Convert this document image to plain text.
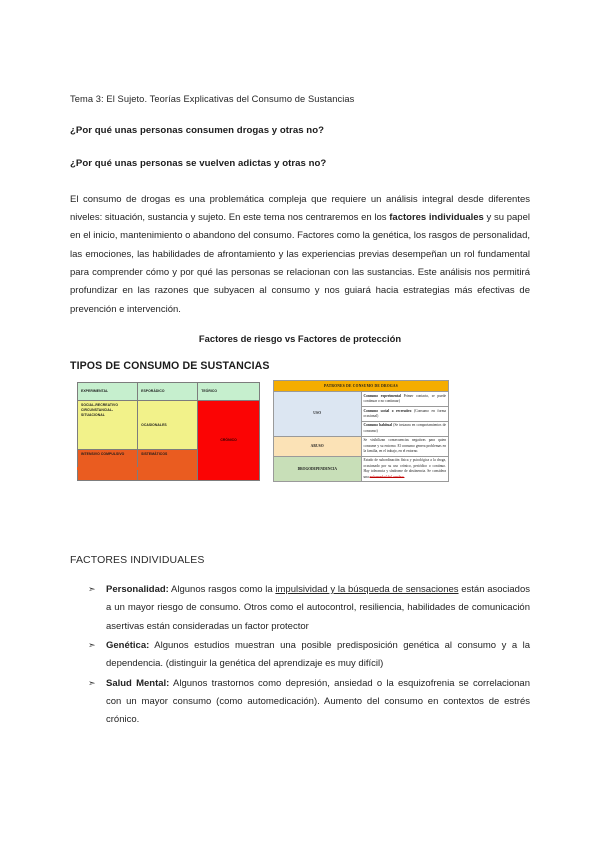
Tema 3: El Sujeto. Teorías Explicativas del Consumo de Sustancias

¿Por qué unas personas consumen drogas y otras no?

¿Por qué unas personas se vuelven adictas y otras no?

El consumo de drogas es una problemática compleja que requiere un análisis integral desde diferentes niveles: situación, sustancia y sujeto. En este tema nos centraremos en los factores individuales y su papel en el inicio, mantenimiento o abandono del consumo. Factores como la genética, los rasgos de personalidad, las emociones, las habilidades de afrontamiento y las experiencias previas desempeñan un rol fundamental para comprender cómo y por qué las personas se relacionan con las sustancias. Este análisis nos permitirá profundizar en las razones que subyacen al consumo y nos guiará hacia estrategias más efectivas de prevención e intervención.

Factores de riesgo vs Factores de protección

TIPOS DE CONSUMO DE SUSTANCIAS

EXPERIMENTAL	ESPORÁDICO	TEÓRICO
SOCIAL-RECREATIVO CIRCUNSTANCIAL-SITUACIONAL	OCASIONALES	CRÓNICO
INTENSIVO COMPULSIVO	SISTEMÁTICOS	
PATRONES DE CONSUMO DE DROGAS	
USO	Consumo experimental Primer contacto, se puede continuar o no continuar)
	Consumo social o recreativo (Consumo en forma ocasional)
	Consumo habitual (Se instaura en comportamientos de consumo)
ABUSO	Se visibilizan consecuencias negativas para quien consume y su entorno. El consumo genera problemas en la familia, en el trabajo, en el entorno.
DROGODEPENDENCIA	Estado de subordinación física y psicológica a la droga, ocasionado por su uso crónico, periódico o continuo. Hay tolerancia y síndrome de abstinencia. Se considera una enfermedad del cerebro.

FACTORES INDIVIDUALES

➣ Personalidad: Algunos rasgos como la impulsividad y la búsqueda de sensaciones están asociados a un mayor riesgo de consumo. Otros como el autocontrol, resiliencia, habilidades de comunicación asertivas están consideradas un factor protector
➣ Genética: Algunos estudios muestran una posible predisposición genética al consumo y a la dependencia. (distinguir la genética del aprendizaje es muy difícil)
➣ Salud Mental: Algunos trastornos como depresión, ansiedad o la esquizofrenia se correlacionan con un mayor consumo (como automedicación). Aumento del consumo en contextos de estrés crónico.
